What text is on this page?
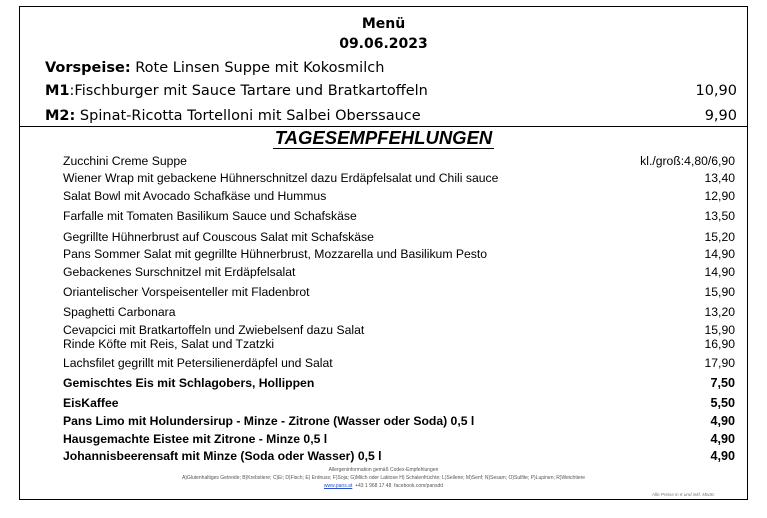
Menü
09.06.2023
Vorspeise: Rote Linsen Suppe mit Kokosmilch
M1:Fischburger mit Sauce Tartare und Bratkartoffeln	10,90
M2: Spinat-Ricotta Tortelloni mit Salbei Oberssauce	9,90
TAGESEMPFEHLUNGEN
Zucchini Creme Suppe	kl./groß:4,80/6,90
Wiener Wrap mit gebackene Hühnerschnitzel dazu Erdäpfelsalat und Chili sauce	13,40
Salat Bowl mit Avocado Schafkäse und Hummus	12,90
Farfalle mit Tomaten Basilikum Sauce und Schafskäse	13,50
Gegrillte Hühnerbrust auf Couscous Salat mit Schafskäse	15,20
Pans Sommer Salat mit gegrillte Hühnerbrust, Mozzarella und Basilikum Pesto	14,90
Gebackenes Surschnitzel mit Erdäpfelsalat	14,90
Oriantelischer Vorspeisenteller mit Fladenbrot	15,90
Spaghetti Carbonara	13,20
Cevapcici mit Bratkartoffeln und Zwiebelsenf dazu Salat	15,90
Rinde Köfte mit Reis, Salat und Tzatzki	16,90
Lachsfilet gegrillt mit Petersilienerdäpfel und Salat	17,90
Gemischtes Eis mit Schlagobers, Hollippen	7,50
EisKaffee	5,50
Pans Limo mit Holundersirup - Minze - Zitrone (Wasser oder Soda) 0,5 l	4,90
Hausgemachte Eistee mit Zitrone - Minze 0,5 l	4,90
Johannisbeerensaft mit Minze (Soda oder Wasser) 0,5 l	4,90
Allergeninformation gemäß Codex-Empfehlungen
A)Glutenhaltiges Getreide; B)Krebstiere; C)Ei; D)Fisch; E) Erdnuss; F)Soja; G)Milch oder Laktose H) Schalenfrüchte; L)Sellerie; M)Senf; N)Sesam; O)Sulfite; P)Lupinen; R)Weichtiere
www.pans.at +43 1 968 17 48 facebook.com/pansdd
Alle Preise in € und inkl. MwSt.
